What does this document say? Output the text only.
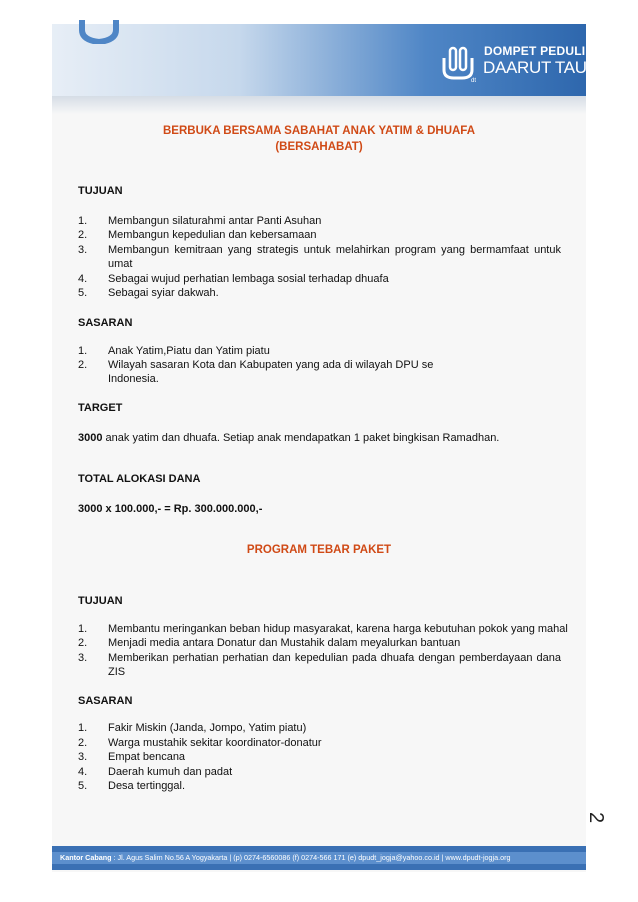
dt
DOMPET PEDULI UMMAT
DAARUT TAUHIID
BERBUKA BERSAMA SABAHAT ANAK YATIM & DHUAFA
(BERSAHABAT)
TUJUAN
1. Membangun silaturahmi antar Panti Asuhan
2. Membangun kepedulian dan kebersamaan
3. Membangun kemitraan yang strategis untuk melahirkan program yang bermamfaat untuk
umat
4. Sebagai wujud perhatian lembaga sosial terhadap dhuafa
5. Sebagai syiar dakwah.
SASARAN
1. Anak Yatim,Piatu dan Yatim piatu
2. Wilayah sasaran Kota dan Kabupaten yang ada di wilayah DPU se
Indonesia.
TARGET
3000 anak yatim dan dhuafa. Setiap anak mendapatkan 1 paket bingkisan Ramadhan.
TOTAL ALOKASI DANA
3000 x 100.000,- = Rp. 300.000.000,-
PROGRAM TEBAR PAKET
TUJUAN
1. Membantu meringankan beban hidup masyarakat, karena harga kebutuhan pokok yang mahal
2. Menjadi media antara Donatur dan Mustahik dalam meyalurkan bantuan
3. Memberikan perhatian perhatian dan kepedulian pada dhuafa dengan pemberdayaan dana
ZIS
SASARAN
1. Fakir Miskin (Janda, Jompo, Yatim piatu)
2. Warga mustahik sekitar koordinator-donatur
3. Empat bencana
4. Daerah kumuh dan padat
5. Desa tertinggal.
2
Kantor Cabang : Jl. Agus Salim No.56 A Yogyakarta | (p) 0274-6560086 (f) 0274-566 171 (e) dpudt_jogja@yahoo.co.id | www.dpudt-jogja.org
